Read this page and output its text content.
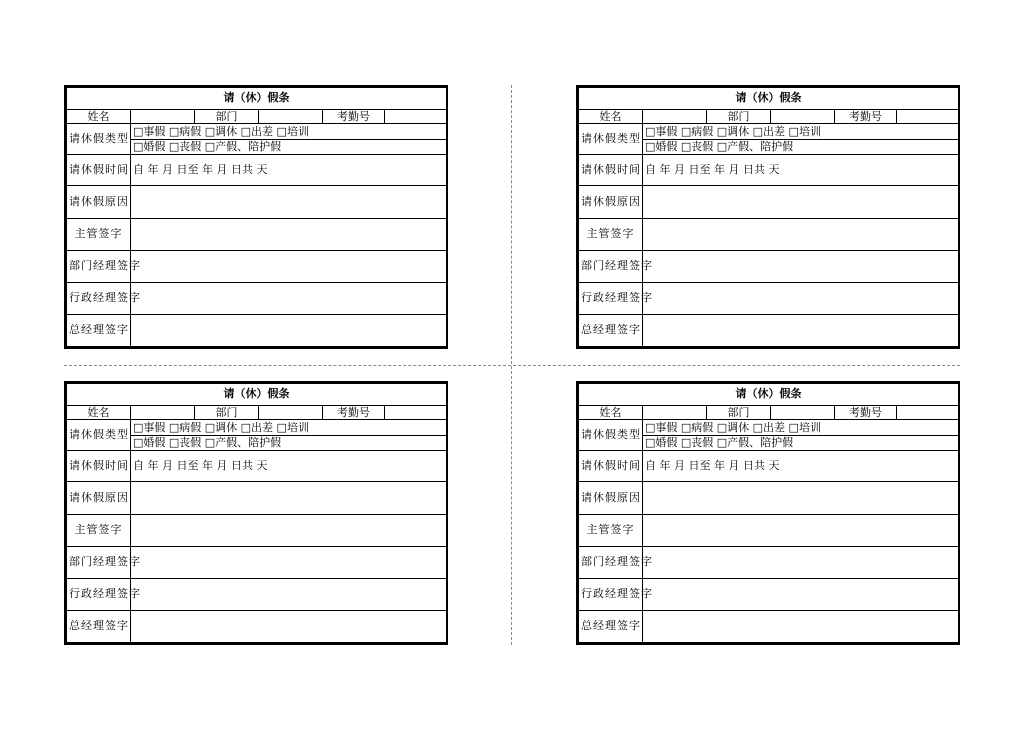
请（休）假条					
姓名		部门		考勤号	
请休假类型	□事假 □病假 □调休 □出差 □培训				
	□婚假 □丧假 □产假、陪护假				
请休假时间	自 年 月 日至 年 月 日共 天				
请休假原因					
主管签字					
部门经理签字					
行政经理签字					
总经理签字					
请（休）假条					
姓名		部门		考勤号	
请休假类型	□事假 □病假 □调休 □出差 □培训				
	□婚假 □丧假 □产假、陪护假				
请休假时间	自 年 月 日至 年 月 日共 天				
请休假原因					
主管签字					
部门经理签字					
行政经理签字					
总经理签字					
请（休）假条					
姓名		部门		考勤号	
请休假类型	□事假 □病假 □调休 □出差 □培训				
	□婚假 □丧假 □产假、陪护假				
请休假时间	自 年 月 日至 年 月 日共 天				
请休假原因					
主管签字					
部门经理签字					
行政经理签字					
总经理签字					
请（休）假条					
姓名		部门		考勤号	
请休假类型	□事假 □病假 □调休 □出差 □培训				
	□婚假 □丧假 □产假、陪护假				
请休假时间	自 年 月 日至 年 月 日共 天				
请休假原因					
主管签字					
部门经理签字					
行政经理签字					
总经理签字					
